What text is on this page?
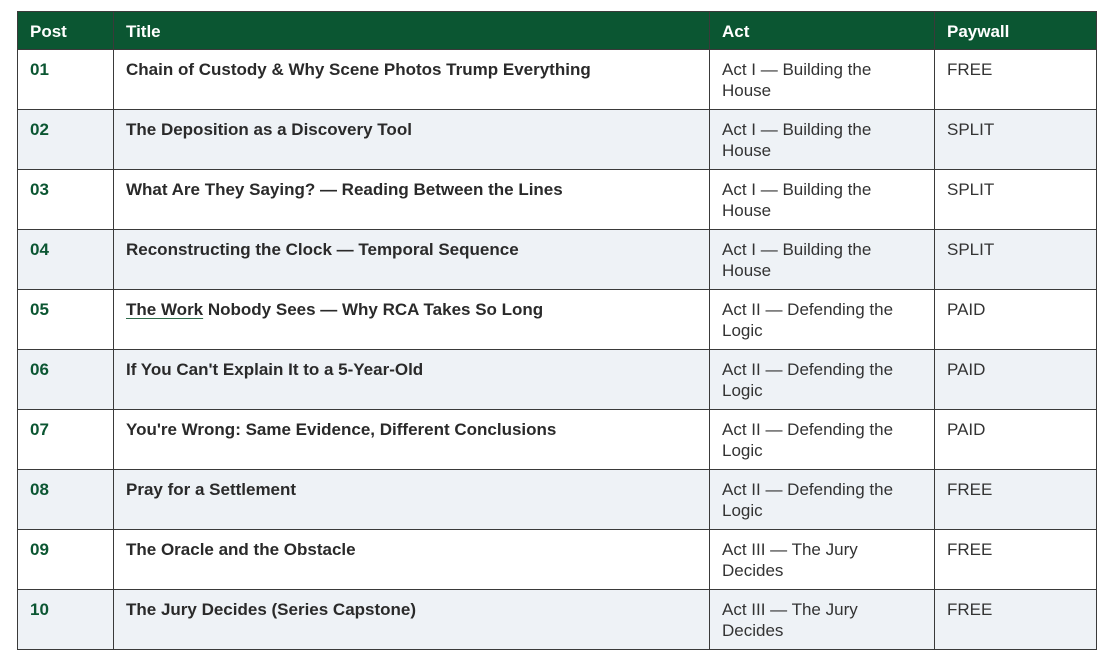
Post	Title	Act	Paywall
01	Chain of Custody & Why Scene Photos Trump Everything	Act I — Building the House	FREE
02	The Deposition as a Discovery Tool	Act I — Building the House	SPLIT
03	What Are They Saying? — Reading Between the Lines	Act I — Building the House	SPLIT
04	Reconstructing the Clock — Temporal Sequence	Act I — Building the House	SPLIT
05	The Work Nobody Sees — Why RCA Takes So Long	Act II — Defending the Logic	PAID
06	If You Can't Explain It to a 5-Year-Old	Act II — Defending the Logic	PAID
07	You're Wrong: Same Evidence, Different Conclusions	Act II — Defending the Logic	PAID
08	Pray for a Settlement	Act II — Defending the Logic	FREE
09	The Oracle and the Obstacle	Act III — The Jury Decides	FREE
10	The Jury Decides (Series Capstone)	Act III — The Jury Decides	FREE
